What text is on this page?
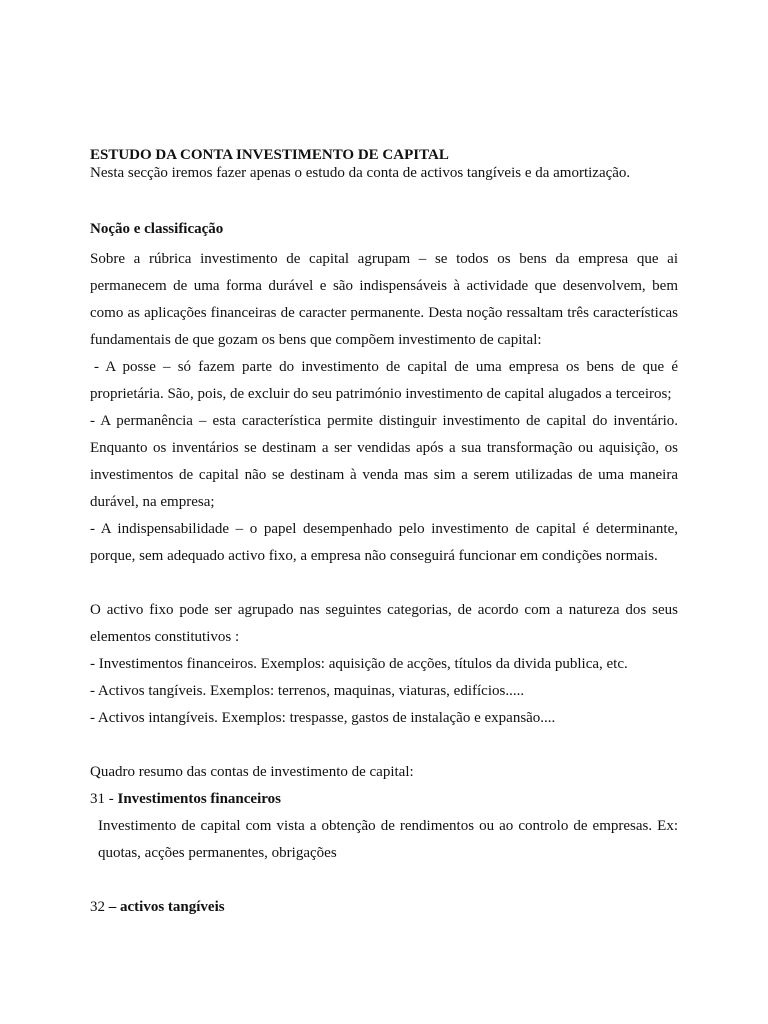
ESTUDO DA CONTA INVESTIMENTO DE CAPITAL

Nesta secção iremos fazer apenas o estudo da conta de activos tangíveis e da amortização.

Noção e classificação

Sobre a rúbrica investimento de capital agrupam – se todos os bens da empresa que ai permanecem de uma forma durável e são indispensáveis à actividade que desenvolvem, bem como as aplicações financeiras de caracter permanente. Desta noção ressaltam três características fundamentais de que gozam os bens que compõem investimento de capital:

- A posse – só fazem parte do investimento de capital de uma empresa os bens de que é proprietária. São, pois, de excluir do seu património investimento de capital alugados a terceiros;

- A permanência – esta característica permite distinguir investimento de capital do inventário. Enquanto os inventários se destinam a ser vendidas após a sua transformação ou aquisição, os investimentos de capital não se destinam à venda mas sim a serem utilizadas de uma maneira durável, na empresa;

- A indispensabilidade – o papel desempenhado pelo investimento de capital é determinante, porque, sem adequado activo fixo, a empresa não conseguirá funcionar em condições normais.

O activo fixo pode ser agrupado nas seguintes categorias, de acordo com a natureza dos seus elementos constitutivos :

- Investimentos financeiros. Exemplos: aquisição de acções, títulos da divida publica, etc.

- Activos tangíveis. Exemplos: terrenos, maquinas, viaturas, edifícios.....

- Activos intangíveis. Exemplos: trespasse, gastos de instalação e expansão....

Quadro resumo das contas de investimento de capital:

31 - Investimentos financeiros

Investimento de capital com vista a obtenção de rendimentos ou ao controlo de empresas. Ex: quotas, acções permanentes, obrigações

32 – activos tangíveis
